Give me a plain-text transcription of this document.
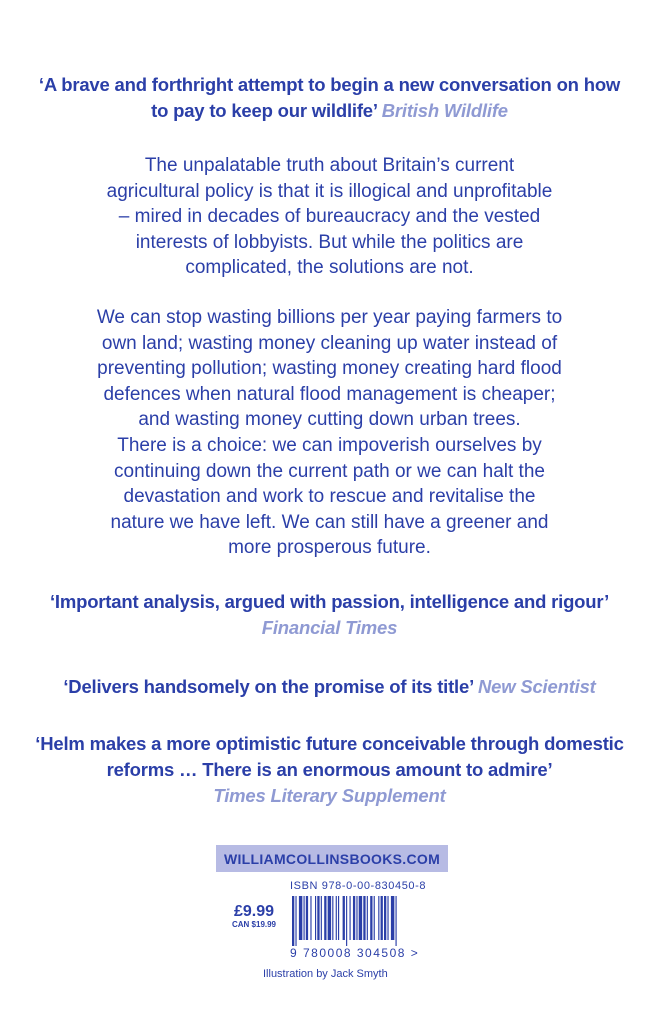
‘A brave and forthright attempt to begin a new conversation on how
to pay to keep our wildlife’ British Wildlife
The unpalatable truth about Britain’s current
agricultural policy is that it is illogical and unprofitable
– mired in decades of bureaucracy and the vested
interests of lobbyists. But while the politics are
complicated, the solutions are not.
We can stop wasting billions per year paying farmers to
own land; wasting money cleaning up water instead of
preventing pollution; wasting money creating hard flood
defences when natural flood management is cheaper;
and wasting money cutting down urban trees.
There is a choice: we can impoverish ourselves by
continuing down the current path or we can halt the
devastation and work to rescue and revitalise the
nature we have left. We can still have a greener and
more prosperous future.
‘Important analysis, argued with passion, intelligence and rigour’
Financial Times
‘Delivers handsomely on the promise of its title’ New Scientist
‘Helm makes a more optimistic future conceivable through domestic
reforms … There is an enormous amount to admire’
Times Literary Supplement
WILLIAMCOLLINSBOOKS.COM
ISBN 978-0-00-830450-8
£9.99
CAN $19.99
9 780008 304508 >
Illustration by Jack Smyth
